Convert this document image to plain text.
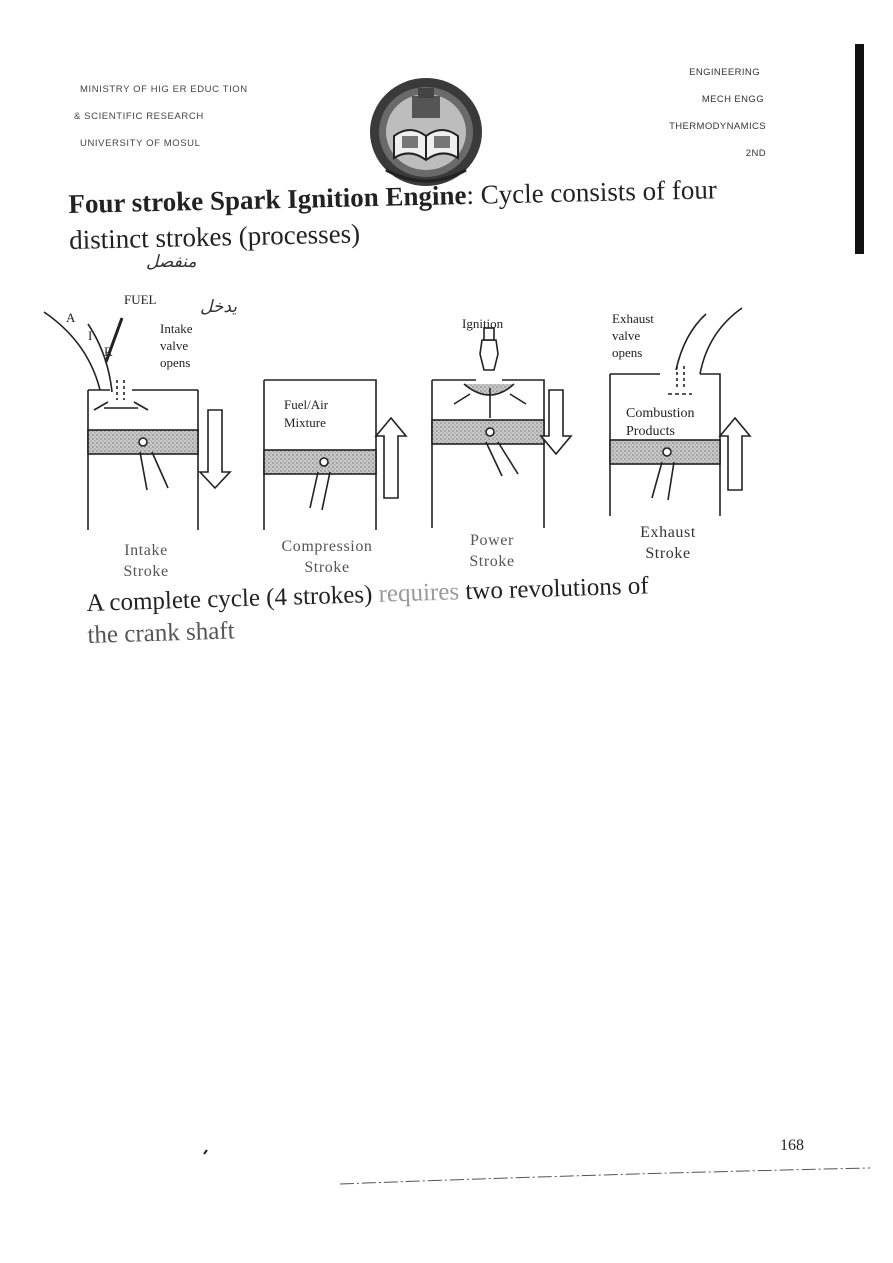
MINISTRY OF HIG ER EDUC TION
& SCIENTIFIC RESEARCH
UNIVERSITY OF MOSUL
ENGINEERING
MECH ENGG
THERMODYNAMICS
2ND
Four stroke Spark Ignition Engine: Cycle consists of four distinct strokes (processes)
منفصل
يدخل
A
I
R
FUEL
Intake
valve
opens
Fuel/Air
Mixture
Ignition	Exhaust
valve
opens
Combustion
Products
Intake
Stroke
Compression
Stroke
Power
Stroke
Exhaust
Stroke
A complete cycle (4 strokes) requires two revolutions of
the crank shaft
168
